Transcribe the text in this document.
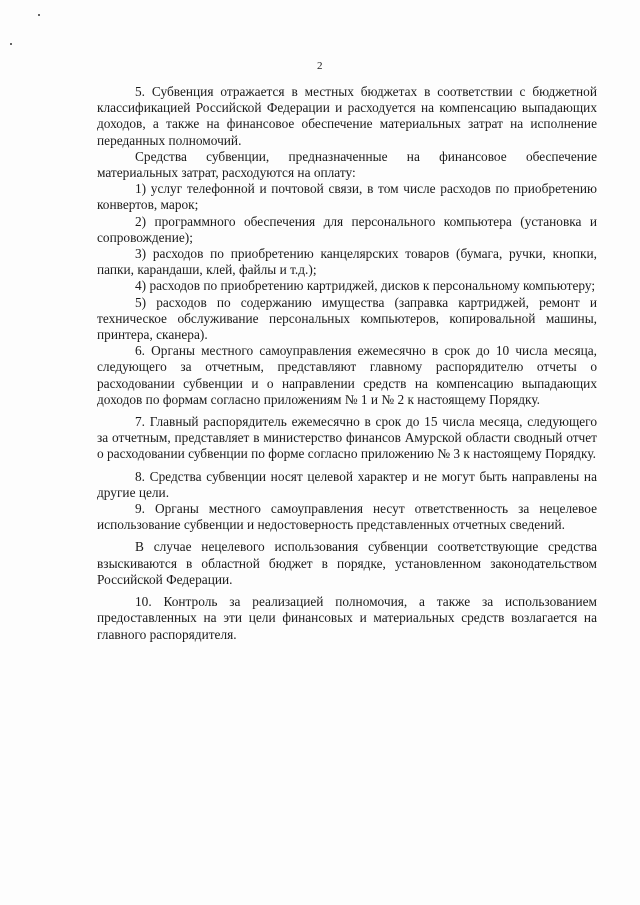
2

5. Субвенция отражается в местных бюджетах в соответствии с бюджетной классификацией Российской Федерации и расходуется на компенсацию выпадающих доходов, а также на финансовое обеспечение материальных затрат на исполнение переданных полномочий.

Средства субвенции, предназначенные на финансовое обеспечение материальных затрат, расходуются на оплату:

1) услуг телефонной и почтовой связи, в том числе расходов по приобретению конвертов, марок;

2) программного обеспечения для персонального компьютера (установка и сопровождение);

3) расходов по приобретению канцелярских товаров (бумага, ручки, кнопки, папки, карандаши, клей, файлы и т.д.);

4) расходов по приобретению картриджей, дисков к персональному компьютеру;

5) расходов по содержанию имущества (заправка картриджей, ремонт и техническое обслуживание персональных компьютеров, копировальной машины, принтера, сканера).

6. Органы местного самоуправления ежемесячно в срок до 10 числа месяца, следующего за отчетным, представляют главному распорядителю отчеты о расходовании субвенции и о направлении средств на компенсацию выпадающих доходов по формам согласно приложениям № 1 и № 2 к настоящему Порядку.

7. Главный распорядитель ежемесячно в срок до 15 числа месяца, следующего за отчетным, представляет в министерство финансов Амурской области сводный отчет о расходовании субвенции по форме согласно приложению № 3 к настоящему Порядку.

8. Средства субвенции носят целевой характер и не могут быть направлены на другие цели.

9. Органы местного самоуправления несут ответственность за нецелевое использование субвенции и недостоверность представленных отчетных сведений.

В случае нецелевого использования субвенции соответствующие средства взыскиваются в областной бюджет в порядке, установленном законодательством Российской Федерации.

10. Контроль за реализацией полномочия, а также за использованием предоставленных на эти цели финансовых и материальных средств возлагается на главного распорядителя.
